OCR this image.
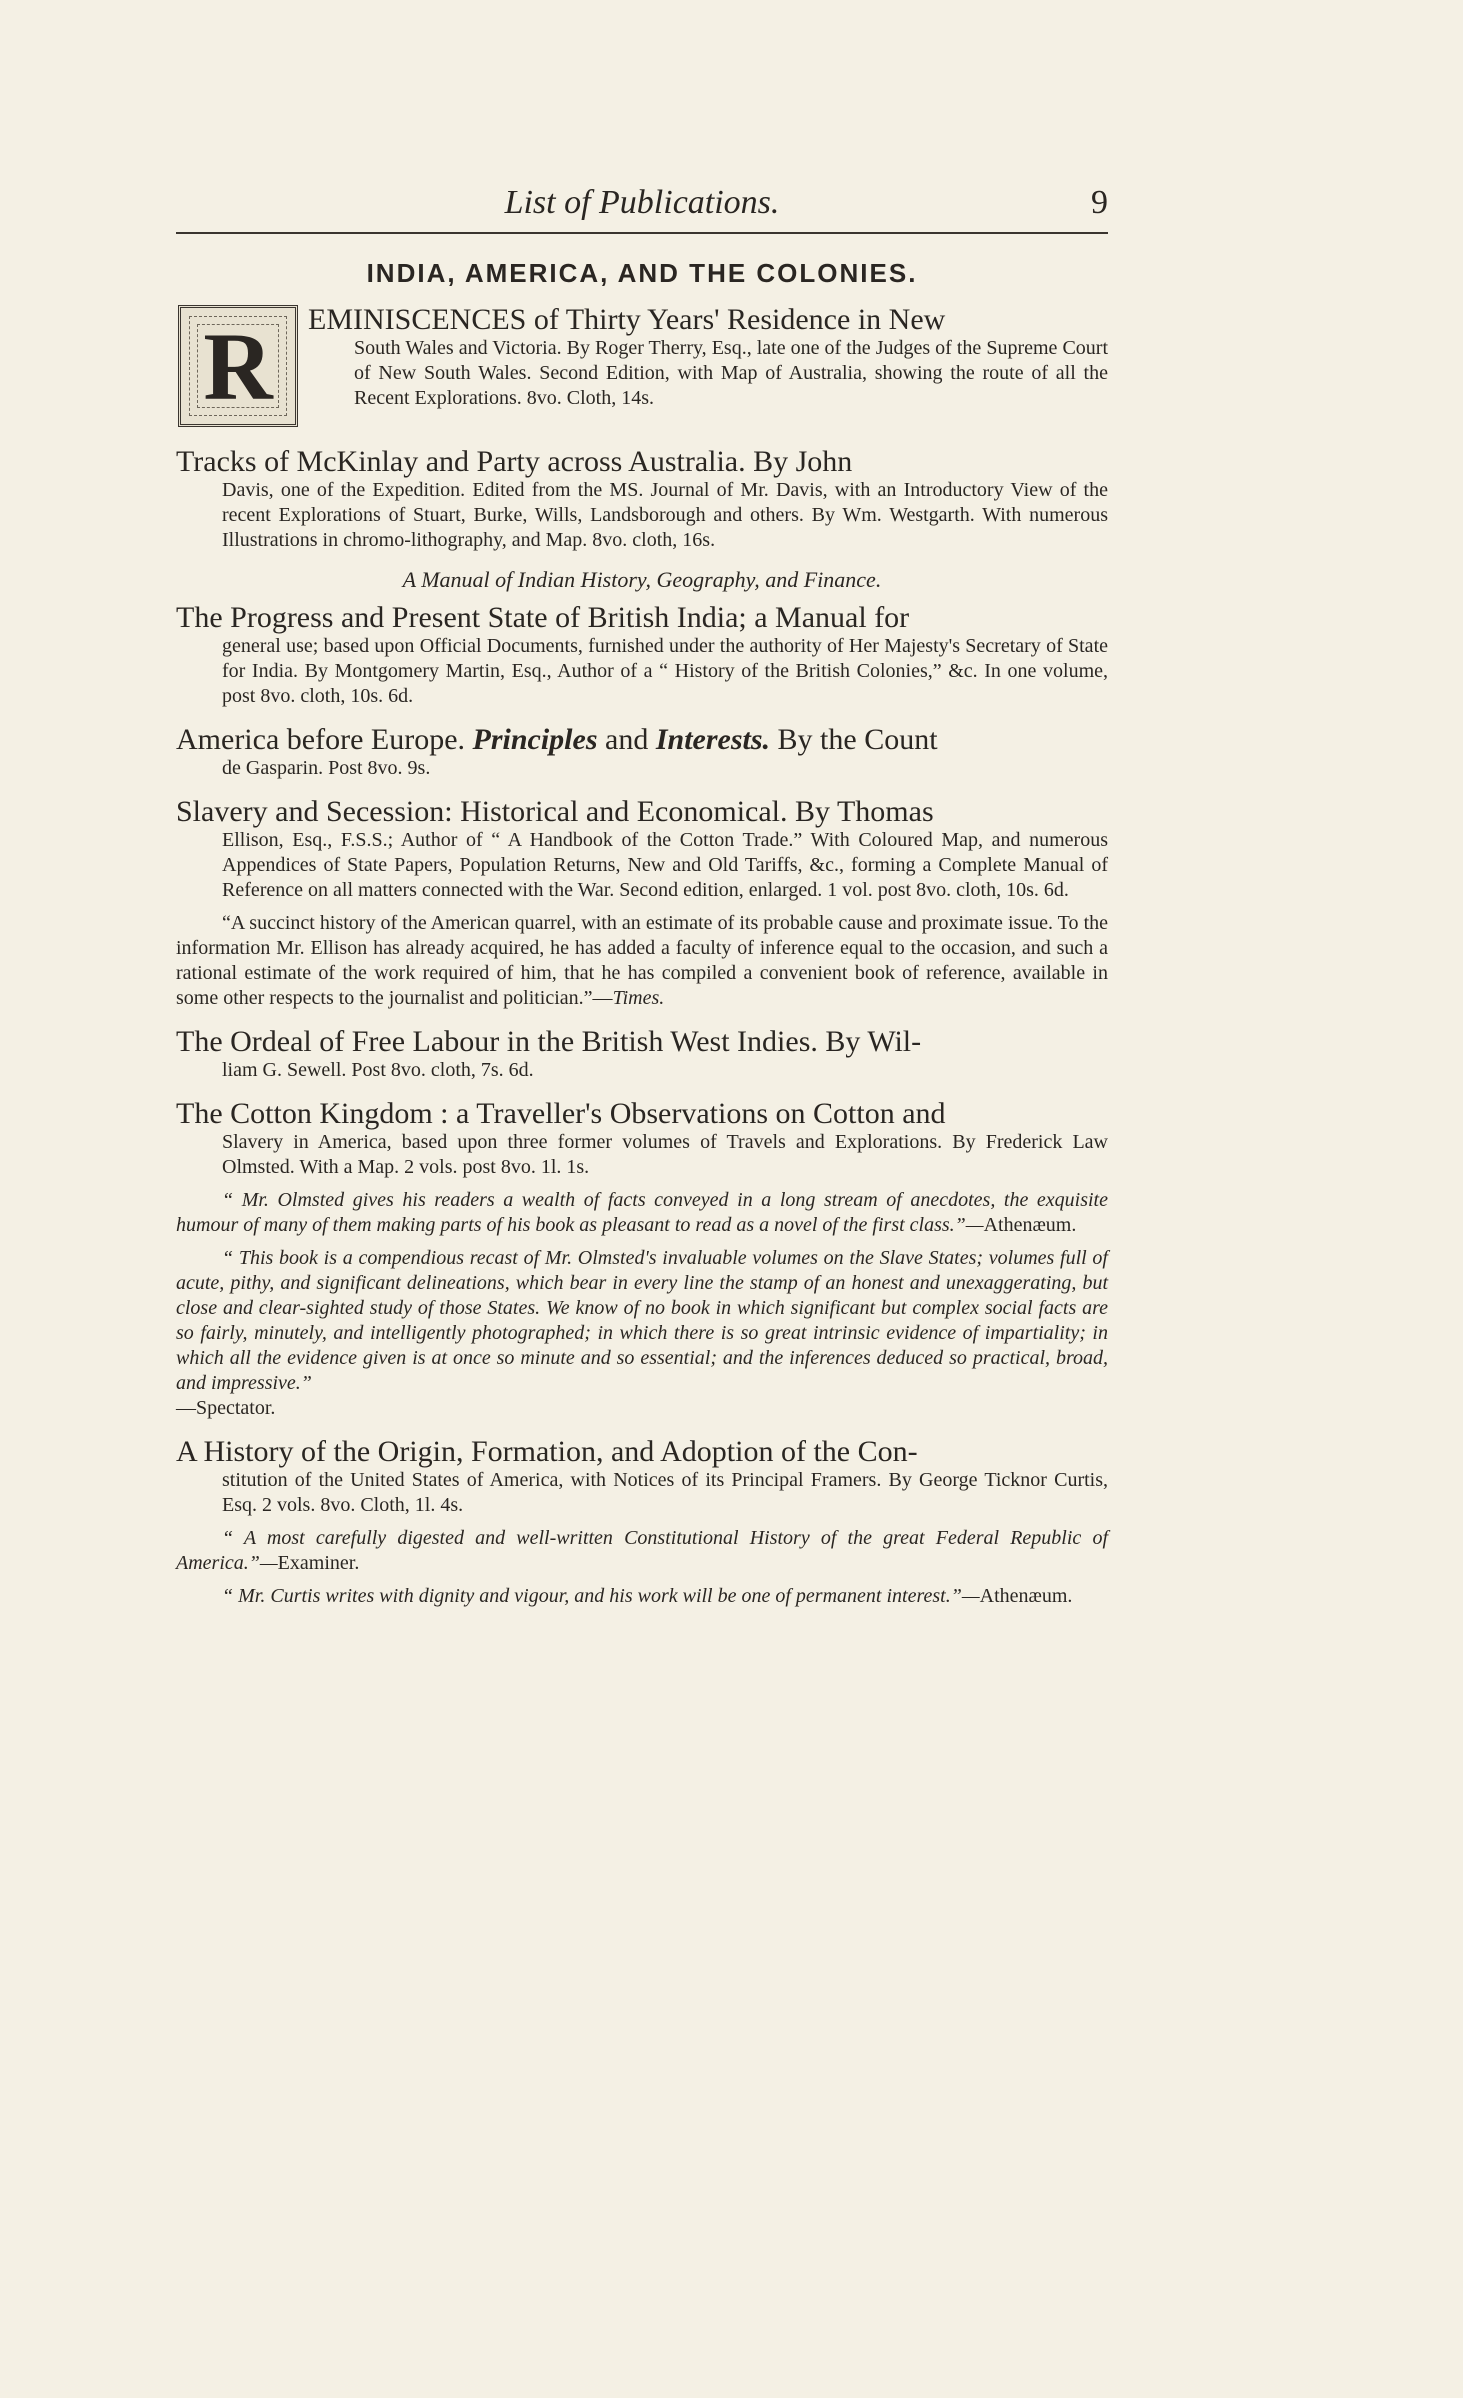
List of Publications.	9
INDIA, AMERICA, AND THE COLONIES.
R	EMINISCENCES of Thirty Years' Residence in New
South Wales and Victoria. By Roger Therry, Esq., late one of the Judges of the Supreme Court of New South Wales. Second Edition, with Map of Australia, showing the route of all the Recent Explorations. 8vo. Cloth, 14s.
Tracks of McKinlay and Party across Australia. By John
Davis, one of the Expedition. Edited from the MS. Journal of Mr. Davis, with an Introductory View of the recent Explorations of Stuart, Burke, Wills, Landsborough and others. By Wm. Westgarth. With numerous Illustrations in chromo-lithography, and Map. 8vo. cloth, 16s.
A Manual of Indian History, Geography, and Finance.
The Progress and Present State of British India; a Manual for
general use; based upon Official Documents, furnished under the authority of Her Majesty's Secretary of State for India. By Montgomery Martin, Esq., Author of a “ History of the British Colonies,” &c. In one volume, post 8vo. cloth, 10s. 6d.
America before Europe. Principles and Interests. By the Count
de Gasparin. Post 8vo. 9s.
Slavery and Secession: Historical and Economical. By Thomas
Ellison, Esq., F.S.S.; Author of “ A Handbook of the Cotton Trade.” With Coloured Map, and numerous Appendices of State Papers, Population Returns, New and Old Tariffs, &c., forming a Complete Manual of Reference on all matters connected with the War. Second edition, enlarged. 1 vol. post 8vo. cloth, 10s. 6d.
“A succinct history of the American quarrel, with an estimate of its probable cause and proximate issue. To the information Mr. Ellison has already acquired, he has added a faculty of inference equal to the occasion, and such a rational estimate of the work required of him, that he has compiled a convenient book of reference, available in some other respects to the journalist and politician.”—Times.
The Ordeal of Free Labour in the British West Indies. By Wil-
liam G. Sewell. Post 8vo. cloth, 7s. 6d.
The Cotton Kingdom : a Traveller's Observations on Cotton and
Slavery in America, based upon three former volumes of Travels and Explorations. By Frederick Law Olmsted. With a Map. 2 vols. post 8vo. 1l. 1s.
“ Mr. Olmsted gives his readers a wealth of facts conveyed in a long stream of anecdotes, the exquisite humour of many of them making parts of his book as pleasant to read as a novel of the first class.”—Athenæum.
“ This book is a compendious recast of Mr. Olmsted's invaluable volumes on the Slave States; volumes full of acute, pithy, and significant delineations, which bear in every line the stamp of an honest and unexaggerating, but close and clear-sighted study of those States. We know of no book in which significant but complex social facts are so fairly, minutely, and intelligently photographed; in which there is so great intrinsic evidence of impartiality; in which all the evidence given is at once so minute and so essential; and the inferences deduced so practical, broad, and impressive.”
—Spectator.
A History of the Origin, Formation, and Adoption of the Con-
stitution of the United States of America, with Notices of its Principal Framers. By George Ticknor Curtis, Esq. 2 vols. 8vo. Cloth, 1l. 4s.
“ A most carefully digested and well-written Constitutional History of the great Federal Republic of America.”—Examiner.
“ Mr. Curtis writes with dignity and vigour, and his work will be one of permanent interest.”—Athenæum.
